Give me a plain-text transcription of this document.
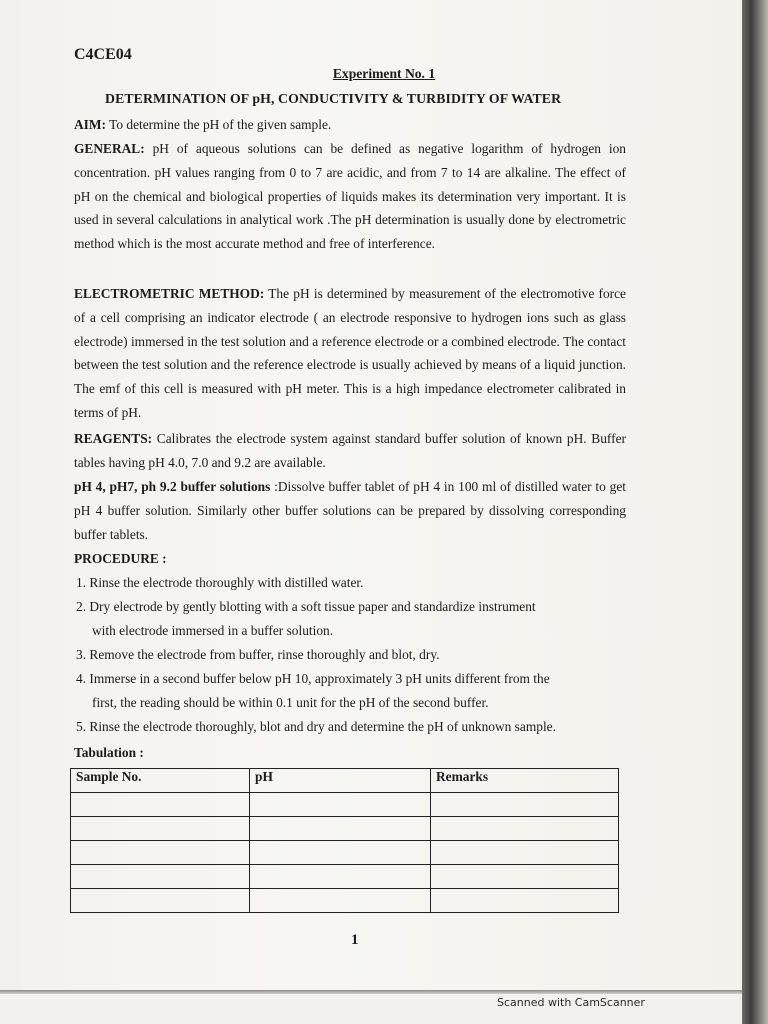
C4CE04
Experiment No. 1
DETERMINATION OF pH, CONDUCTIVITY & TURBIDITY OF WATER

AIM: To determine the pH of the given sample.

GENERAL: pH of aqueous solutions can be defined as negative logarithm of hydrogen ion concentration. pH values ranging from 0 to 7 are acidic, and from 7 to 14 are alkaline. The effect of pH on the chemical and biological properties of liquids makes its determination very important. It is used in several calculations in analytical work .The pH determination is usually done by electrometric method which is the most accurate method and free of interference.

ELECTROMETRIC METHOD: The pH is determined by measurement of the electromotive force of a cell comprising an indicator electrode ( an electrode responsive to hydrogen ions such as glass electrode) immersed in the test solution and a reference electrode or a combined electrode. The contact between the test solution and the reference electrode is usually achieved by means of a liquid junction. The emf of this cell is measured with pH meter. This is a high impedance electrometer calibrated in terms of pH.

REAGENTS: Calibrates the electrode system against standard buffer solution of known pH. Buffer tables having pH 4.0, 7.0 and 9.2 are available.

pH 4, pH7, ph 9.2 buffer solutions :Dissolve buffer tablet of pH 4 in 100 ml of distilled water to get pH 4 buffer solution. Similarly other buffer solutions can be prepared by dissolving corresponding buffer tablets.

PROCEDURE :

1. Rinse the electrode thoroughly with distilled water.

2. Dry electrode by gently blotting with a soft tissue paper and standardize instrument

with electrode immersed in a buffer solution.

3. Remove the electrode from buffer, rinse thoroughly and blot, dry.

4. Immerse in a second buffer below pH 10, approximately 3 pH units different from the

first, the reading should be within 0.1 unit for the pH of the second buffer.

5. Rinse the electrode thoroughly, blot and dry and determine the pH of unknown sample.

Tabulation :
Sample No.	pH	Remarks

1
Scanned with CamScanner
